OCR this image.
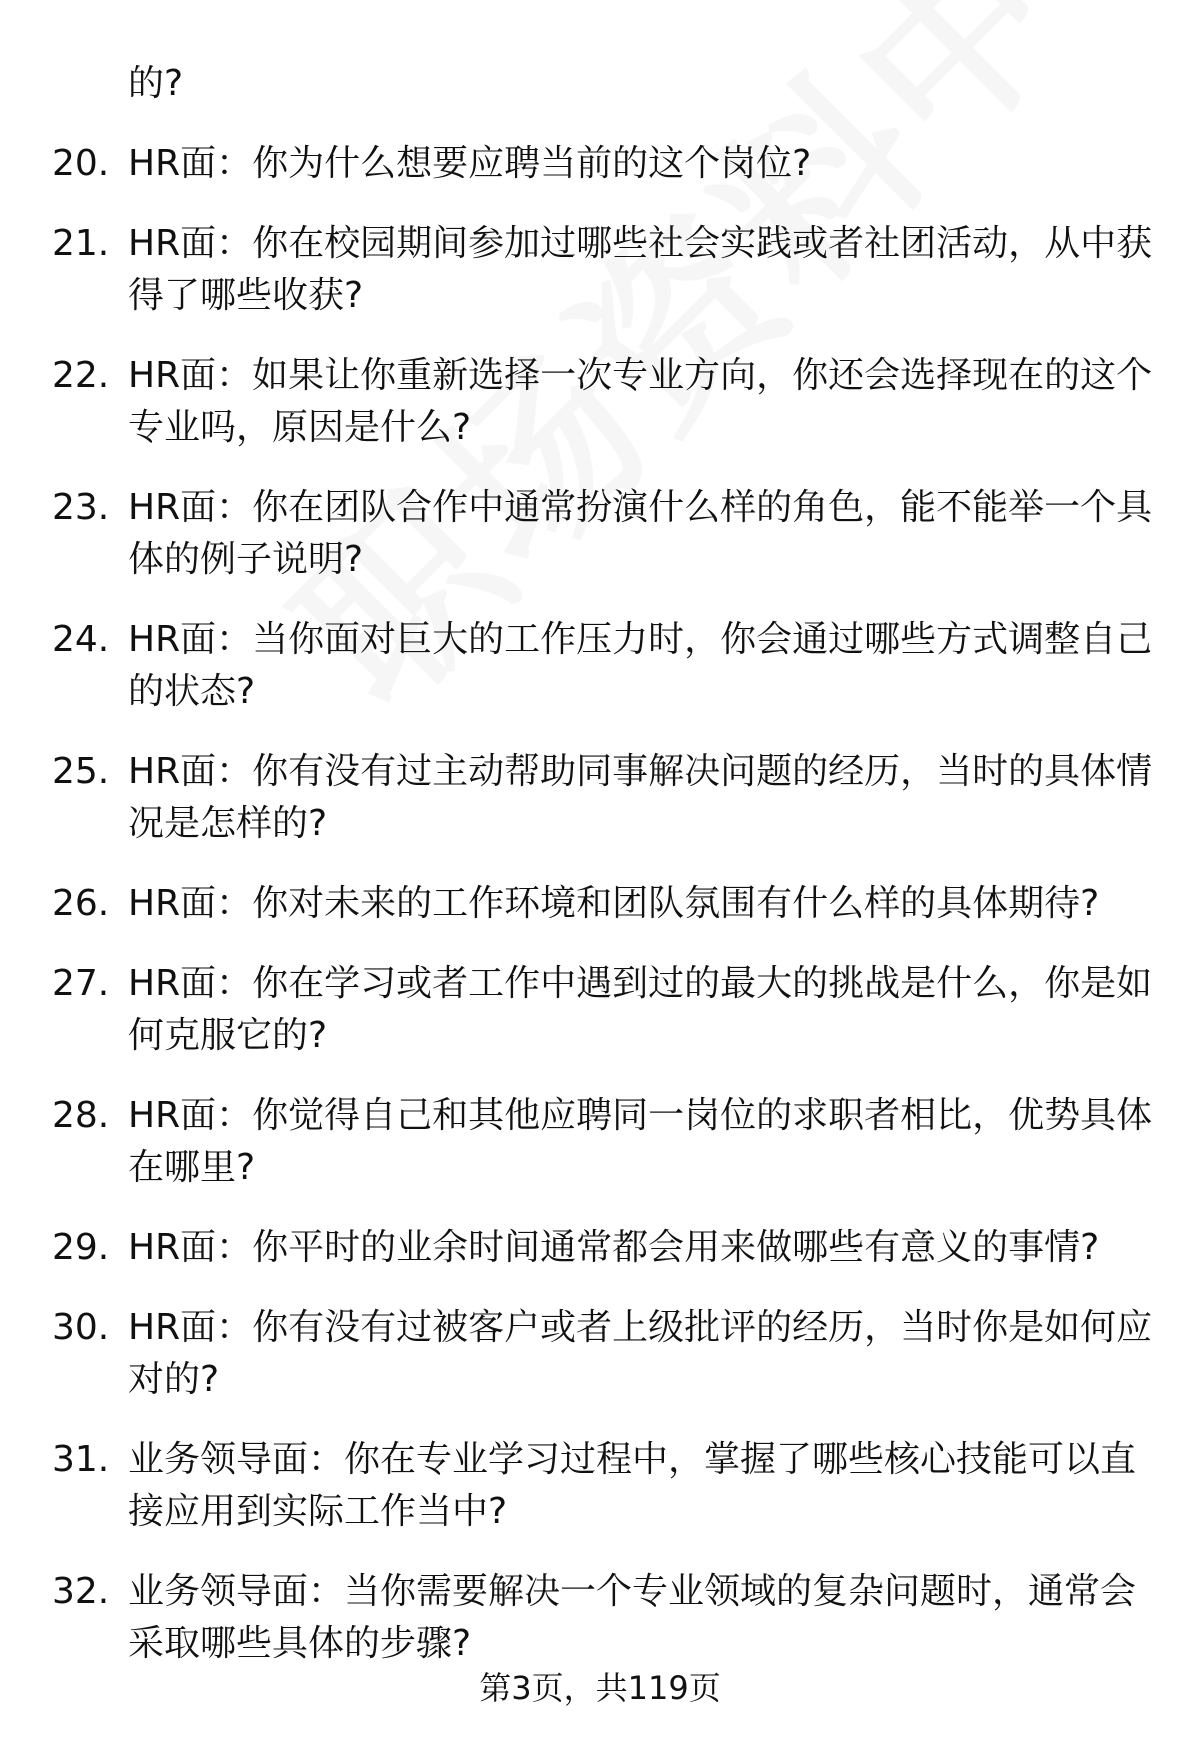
的?

20. HR面：你为什么想要应聘当前的这个岗位?
21. HR面：你在校园期间参加过哪些社会实践或者社团活动，从中获得了哪些收获?
22. HR面：如果让你重新选择一次专业方向，你还会选择现在的这个专业吗，原因是什么?
23. HR面：你在团队合作中通常扮演什么样的角色，能不能举一个具体的例子说明?
24. HR面：当你面对巨大的工作压力时，你会通过哪些方式调整自己的状态?
25. HR面：你有没有过主动帮助同事解决问题的经历，当时的具体情况是怎样的?
26. HR面：你对未来的工作环境和团队氛围有什么样的具体期待?
27. HR面：你在学习或者工作中遇到过的最大的挑战是什么，你是如何克服它的?
28. HR面：你觉得自己和其他应聘同一岗位的求职者相比，优势具体在哪里?
29. HR面：你平时的业余时间通常都会用来做哪些有意义的事情?
30. HR面：你有没有过被客户或者上级批评的经历，当时你是如何应对的?
31. 业务领导面：你在专业学习过程中，掌握了哪些核心技能可以直接应用到实际工作当中?
32. 业务领导面：当你需要解决一个专业领域的复杂问题时，通常会采取哪些具体的步骤?
第3页，共119页
